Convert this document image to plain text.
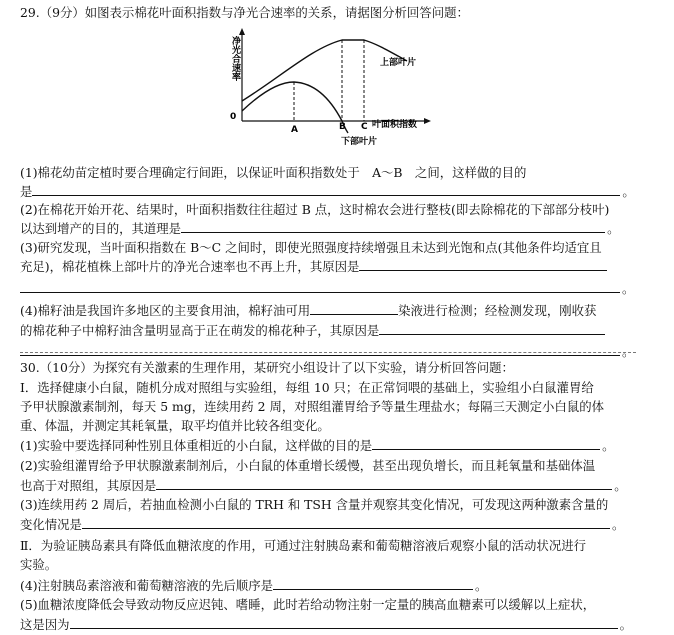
29.（9分）如图表示棉花叶面积指数与净光合速率的关系，请据图分析回答问题：
净光合速率
叶面积指数
0
A	B C
上部叶片
下部叶片
(1)棉花幼苗定植时要合理确定行间距，以保证叶面积指数处于　A～B　之间，这样做的目的
是	。
(2)在棉花开始开花、结果时，叶面积指数往往超过 B 点，这时棉农会进行整枝(即去除棉花的下部部分枝叶)
以达到增产的目的，其道理是	。
(3)研究发现，当叶面积指数在 B～C 之间时，即使光照强度持续增强且未达到光饱和点(其他条件均适宜且
充足)，棉花植株上部叶片的净光合速率也不再上升，其原因是
。
(4)棉籽油是我国许多地区的主要食用油，棉籽油可用	染液进行检测；经检测发现，刚收获
的棉花种子中棉籽油含量明显高于正在萌发的棉花种子，其原因是
。
30.（10分）为探究有关激素的生理作用，某研究小组设计了以下实验，请分析回答问题：
Ⅰ．选择健康小白鼠，随机分成对照组与实验组，每组 10 只；在正常饲喂的基础上，实验组小白鼠灌胃给
予甲状腺激素制剂，每天 5 mg，连续用药 2 周，对照组灌胃给予等量生理盐水；每隔三天测定小白鼠的体
重、体温，并测定其耗氧量，取平均值并比较各组变化。
(1)实验中要选择同种性别且体重相近的小白鼠，这样做的目的是	。
(2)实验组灌胃给予甲状腺激素制剂后，小白鼠的体重增长缓慢，甚至出现负增长，而且耗氧量和基础体温
也高于对照组，其原因是	。
(3)连续用药 2 周后，若抽血检测小白鼠的 TRH 和 TSH 含量并观察其变化情况，可发现这两种激素含量的
变化情况是	。
Ⅱ．为验证胰岛素具有降低血糖浓度的作用，可通过注射胰岛素和葡萄糖溶液后观察小鼠的活动状况进行
实验。
(4)注射胰岛素溶液和葡萄糖溶液的先后顺序是	。
(5)血糖浓度降低会导致动物反应迟钝、嗜睡，此时若给动物注射一定量的胰高血糖素可以缓解以上症状，
这是因为	。
